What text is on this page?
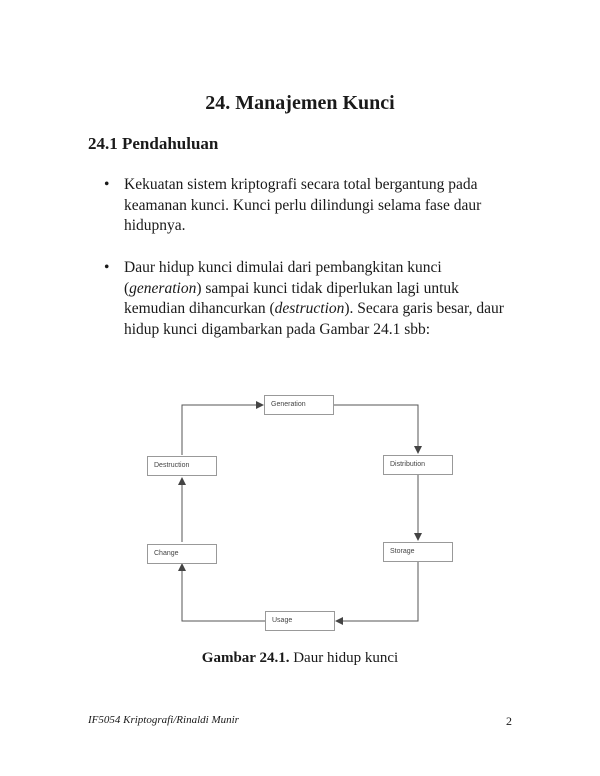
24. Manajemen Kunci
24.1 Pendahuluan
• Kekuatan sistem kriptografi secara total bergantung pada keamanan kunci. Kunci perlu dilindungi selama fase daur hidupnya.
• Daur hidup kunci dimulai dari pembangkitan kunci (generation) sampai kunci tidak diperlukan lagi untuk kemudian dihancurkan (destruction). Secara garis besar, daur hidup kunci digambarkan pada Gambar 24.1 sbb:
Generation
Distribution
Storage
Usage
Change
Destruction
Gambar 24.1. Daur hidup kunci
IF5054 Kriptografi/Rinaldi Munir	2
